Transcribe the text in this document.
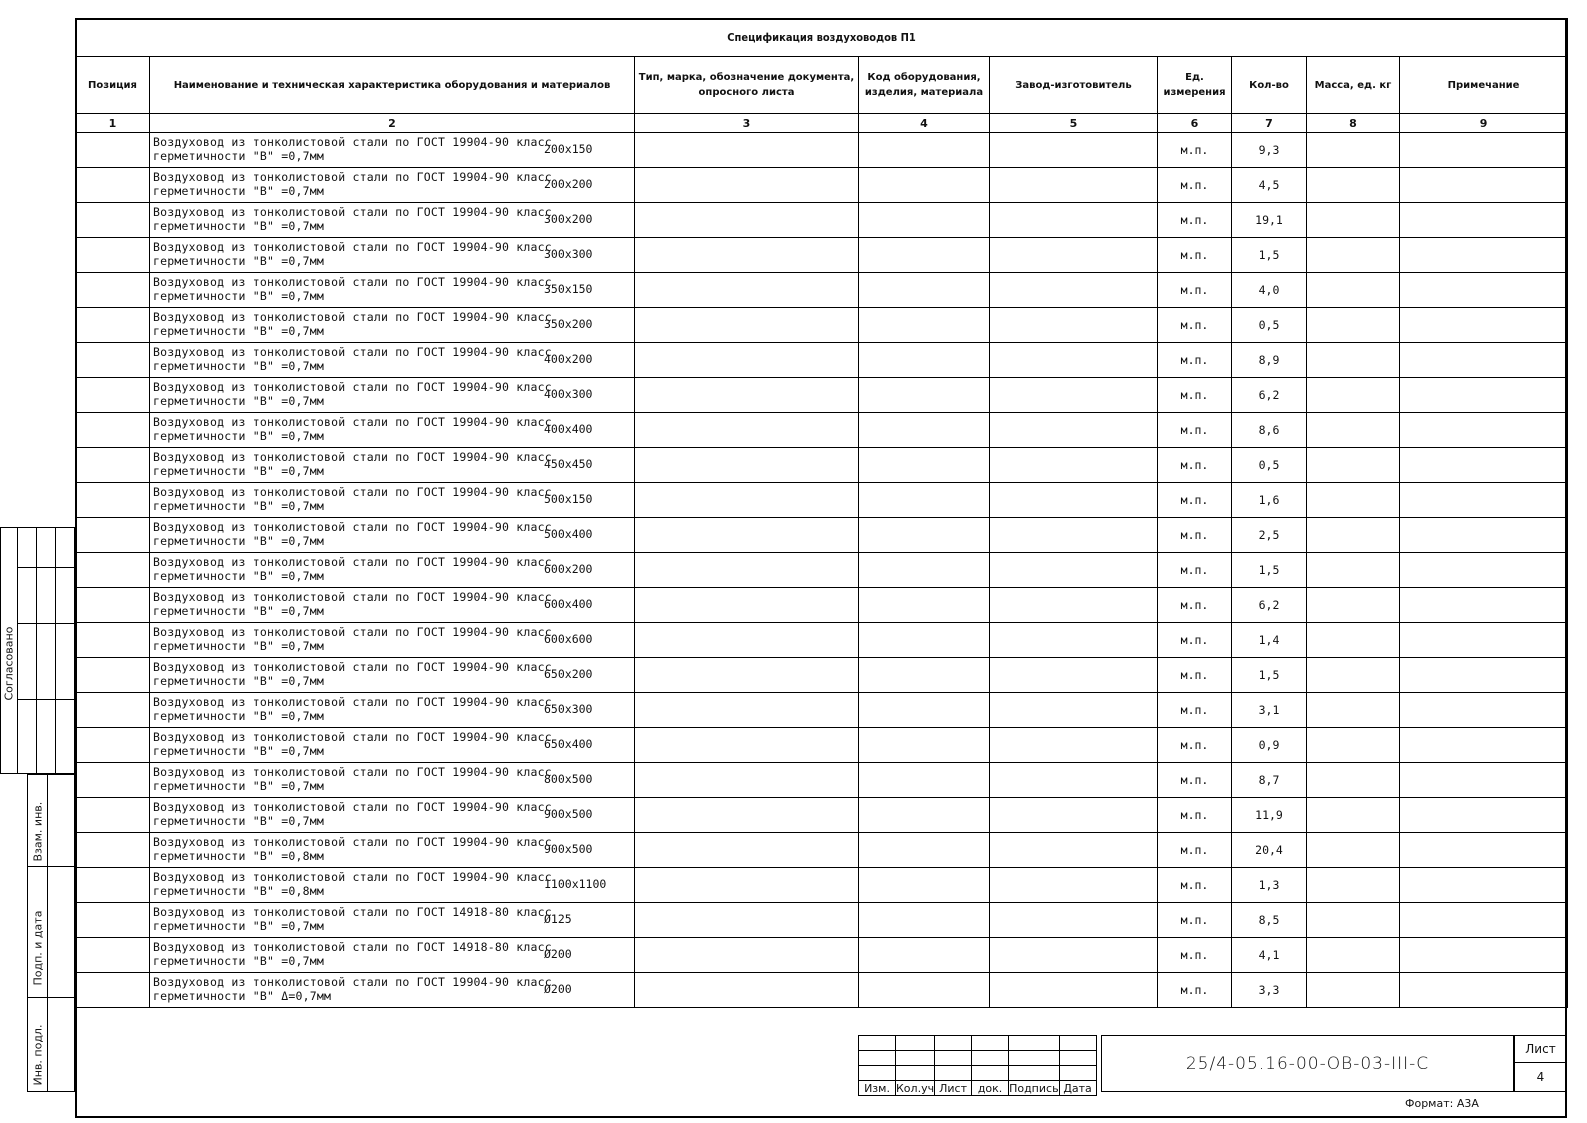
Спецификация воздуховодов П1								
Позиция	Наименование и техническая характеристика оборудования и материалов	Тип, марка, обозначение документа, опросного листа	Код оборудования, изделия, материала	Завод-изготовитель	Ед. измерения	Кол-во	Масса, ед. кг	Примечание
1	2	3	4	5	6	7	8	9

	Воздуховод из тонколистовой стали по ГОСТ 19904-90 класс
герметичности "В" =0,7мм 200x150				м.п.	9,3		

	Воздуховод из тонколистовой стали по ГОСТ 19904-90 класс
герметичности "В" =0,7мм 200x200				м.п.	4,5		

	Воздуховод из тонколистовой стали по ГОСТ 19904-90 класс
герметичности "В" =0,7мм 300x200				м.п.	19,1		

	Воздуховод из тонколистовой стали по ГОСТ 19904-90 класс
герметичности "В" =0,7мм 300x300				м.п.	1,5		

	Воздуховод из тонколистовой стали по ГОСТ 19904-90 класс
герметичности "В" =0,7мм 350x150				м.п.	4,0		

	Воздуховод из тонколистовой стали по ГОСТ 19904-90 класс
герметичности "В" =0,7мм 350x200				м.п.	0,5		

	Воздуховод из тонколистовой стали по ГОСТ 19904-90 класс
герметичности "В" =0,7мм 400x200				м.п.	8,9		

	Воздуховод из тонколистовой стали по ГОСТ 19904-90 класс
герметичности "В" =0,7мм 400x300				м.п.	6,2		

	Воздуховод из тонколистовой стали по ГОСТ 19904-90 класс
герметичности "В" =0,7мм 400x400				м.п.	8,6		

	Воздуховод из тонколистовой стали по ГОСТ 19904-90 класс
герметичности "В" =0,7мм 450x450				м.п.	0,5		

	Воздуховод из тонколистовой стали по ГОСТ 19904-90 класс
герметичности "В" =0,7мм 500x150				м.п.	1,6		

	Воздуховод из тонколистовой стали по ГОСТ 19904-90 класс
герметичности "В" =0,7мм 500x400				м.п.	2,5		

	Воздуховод из тонколистовой стали по ГОСТ 19904-90 класс
герметичности "В" =0,7мм 600x200				м.п.	1,5		

	Воздуховод из тонколистовой стали по ГОСТ 19904-90 класс
герметичности "В" =0,7мм 600x400				м.п.	6,2		

	Воздуховод из тонколистовой стали по ГОСТ 19904-90 класс
герметичности "В" =0,7мм 600x600				м.п.	1,4		

	Воздуховод из тонколистовой стали по ГОСТ 19904-90 класс
герметичности "В" =0,7мм 650x200				м.п.	1,5		

	Воздуховод из тонколистовой стали по ГОСТ 19904-90 класс
герметичности "В" =0,7мм 650x300				м.п.	3,1		

	Воздуховод из тонколистовой стали по ГОСТ 19904-90 класс
герметичности "В" =0,7мм 650x400				м.п.	0,9		

	Воздуховод из тонколистовой стали по ГОСТ 19904-90 класс
герметичности "В" =0,7мм 800x500				м.п.	8,7		

	Воздуховод из тонколистовой стали по ГОСТ 19904-90 класс
герметичности "В" =0,7мм 900x500				м.п.	11,9		

	Воздуховод из тонколистовой стали по ГОСТ 19904-90 класс
герметичности "В" =0,8мм 900x500				м.п.	20,4		

	Воздуховод из тонколистовой стали по ГОСТ 19904-90 класс
герметичности "В" =0,8мм 1100x1100				м.п.	1,3		

	Воздуховод из тонколистовой стали по ГОСТ 14918-80 класс
герметичности "В" =0,7мм Ø125				м.п.	8,5		

	Воздуховод из тонколистовой стали по ГОСТ 14918-80 класс
герметичности "В" =0,7мм Ø200				м.п.	4,1		

	Воздуховод из тонколистовой стали по ГОСТ 19904-90 класс
герметичности "В" Δ=0,7мм Ø200				м.п.	3,3		
Согласовано
Взам. инв.
Подп. и дата
Инв. подл.

Изм.	Кол.уч	Лист	док.	Подпись	Дата
25/4-05.16-00-ОВ-03-III-С
Лист
4
Формат: А3А
